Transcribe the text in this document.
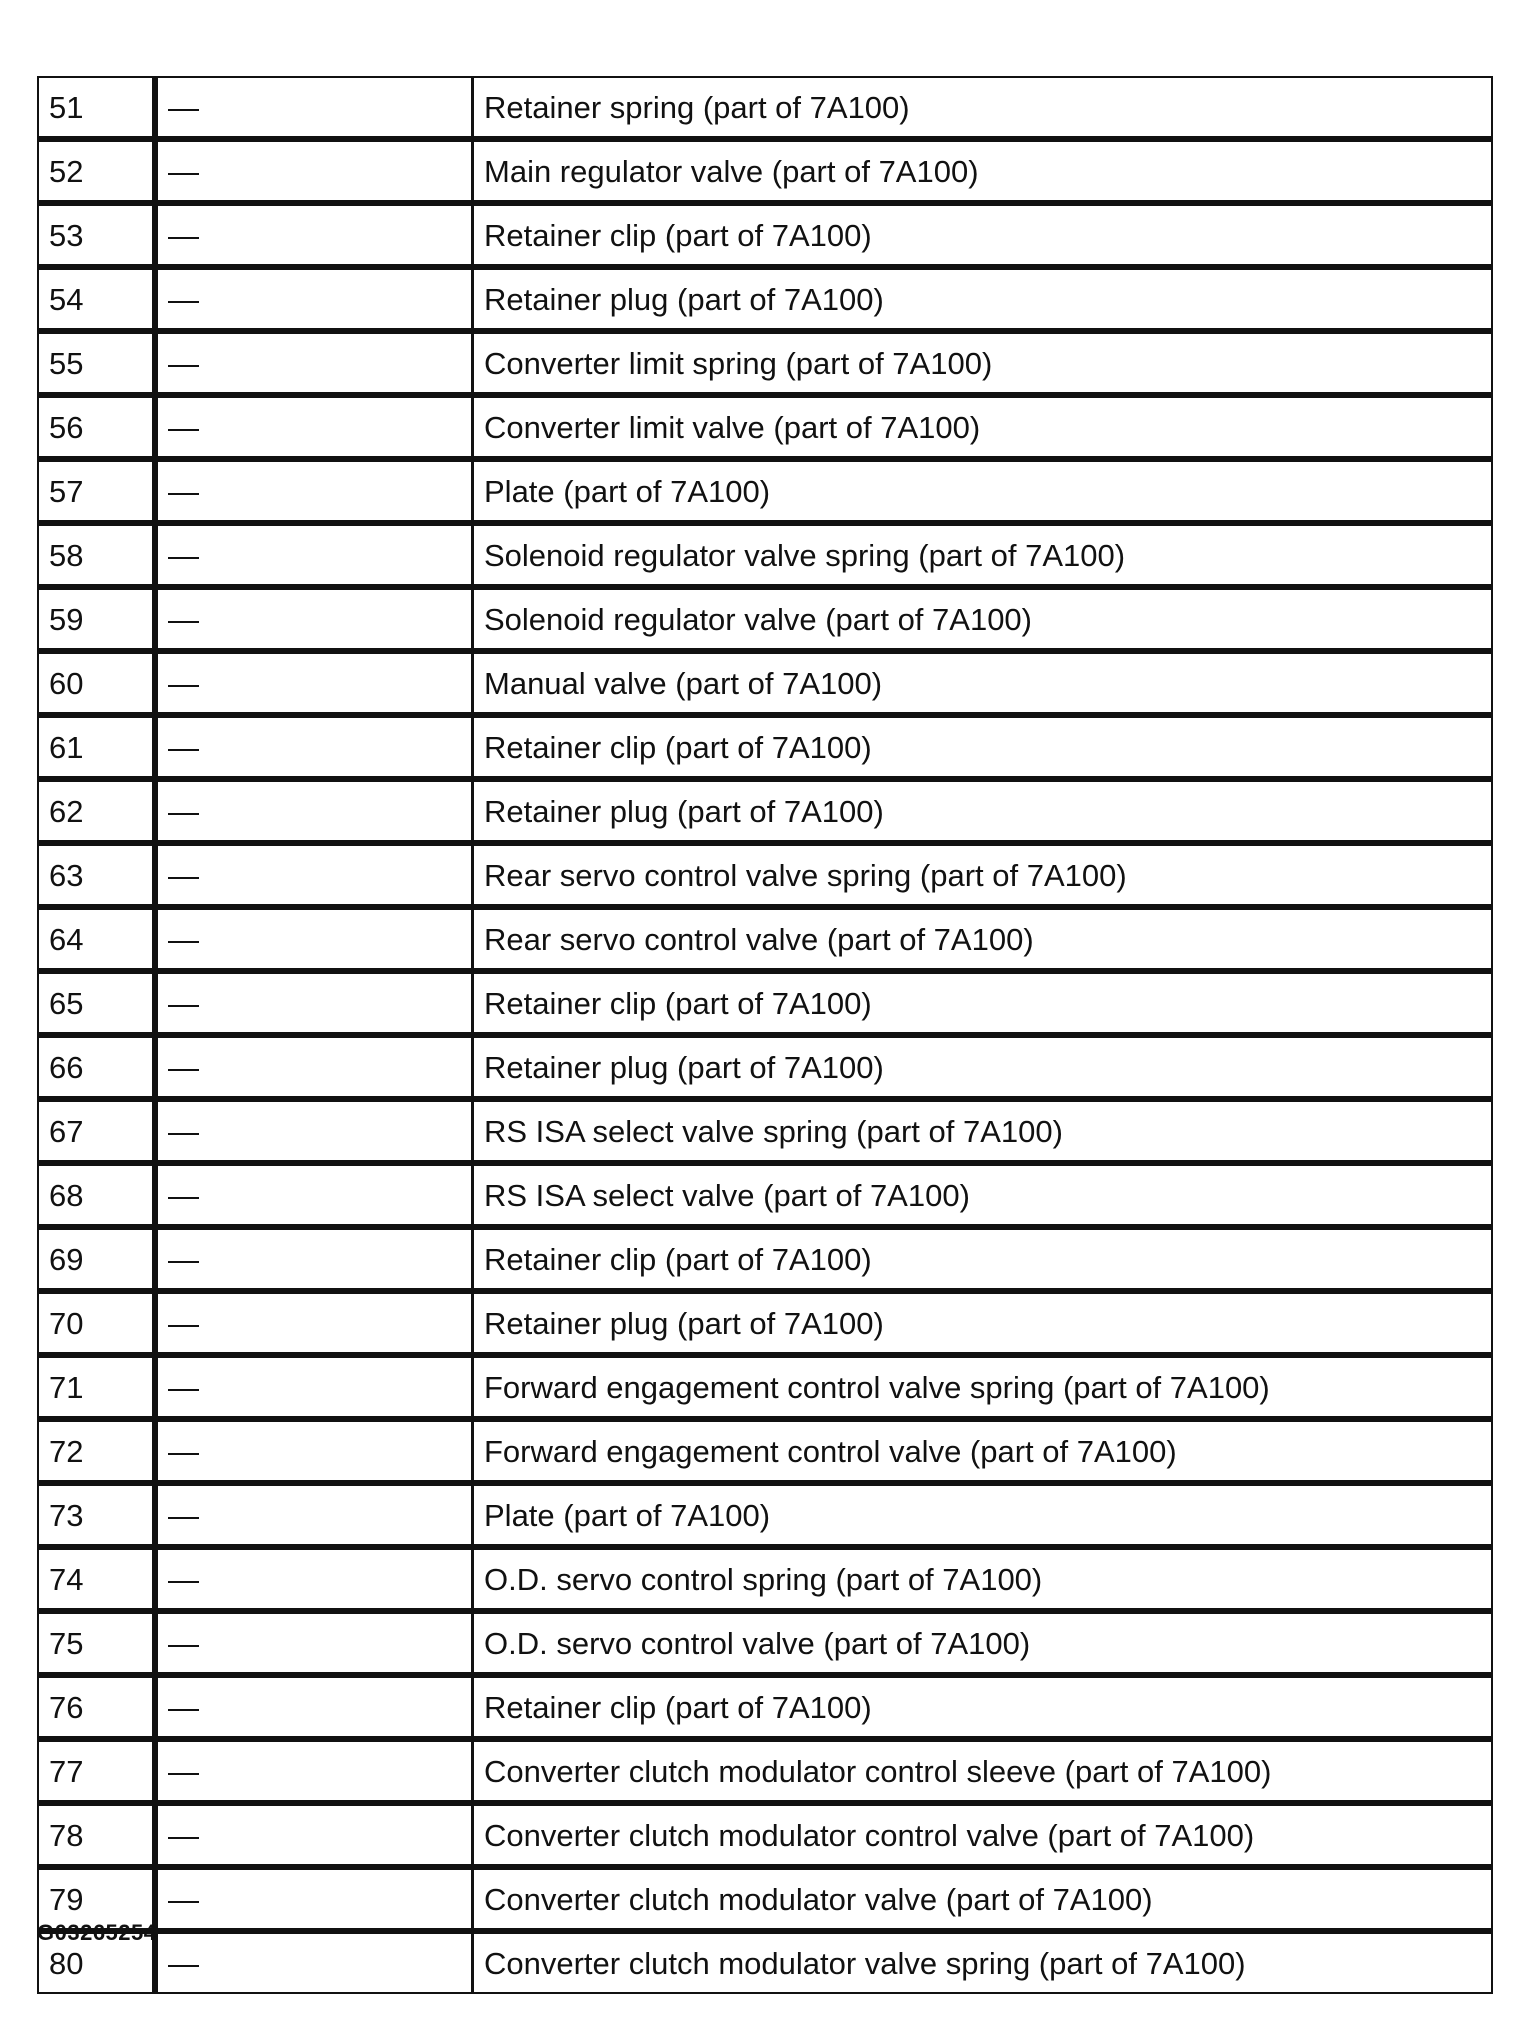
51	—	Retainer spring (part of 7A100)
52	—	Main regulator valve (part of 7A100)
53	—	Retainer clip (part of 7A100)
54	—	Retainer plug (part of 7A100)
55	—	Converter limit spring (part of 7A100)
56	—	Converter limit valve (part of 7A100)
57	—	Plate (part of 7A100)
58	—	Solenoid regulator valve spring (part of 7A100)
59	—	Solenoid regulator valve (part of 7A100)
60	—	Manual valve (part of 7A100)
61	—	Retainer clip (part of 7A100)
62	—	Retainer plug (part of 7A100)
63	—	Rear servo control valve spring (part of 7A100)
64	—	Rear servo control valve (part of 7A100)
65	—	Retainer clip (part of 7A100)
66	—	Retainer plug (part of 7A100)
67	—	RS ISA select valve spring (part of 7A100)
68	—	RS ISA select valve (part of 7A100)
69	—	Retainer clip (part of 7A100)
70	—	Retainer plug (part of 7A100)
71	—	Forward engagement control valve spring (part of 7A100)
72	—	Forward engagement control valve (part of 7A100)
73	—	Plate (part of 7A100)
74	—	O.D. servo control spring (part of 7A100)
75	—	O.D. servo control valve (part of 7A100)
76	—	Retainer clip (part of 7A100)
77	—	Converter clutch modulator control sleeve (part of 7A100)
78	—	Converter clutch modulator control valve (part of 7A100)
79	—	Converter clutch modulator valve (part of 7A100)
80	—	Converter clutch modulator valve spring (part of 7A100)
G03265254
